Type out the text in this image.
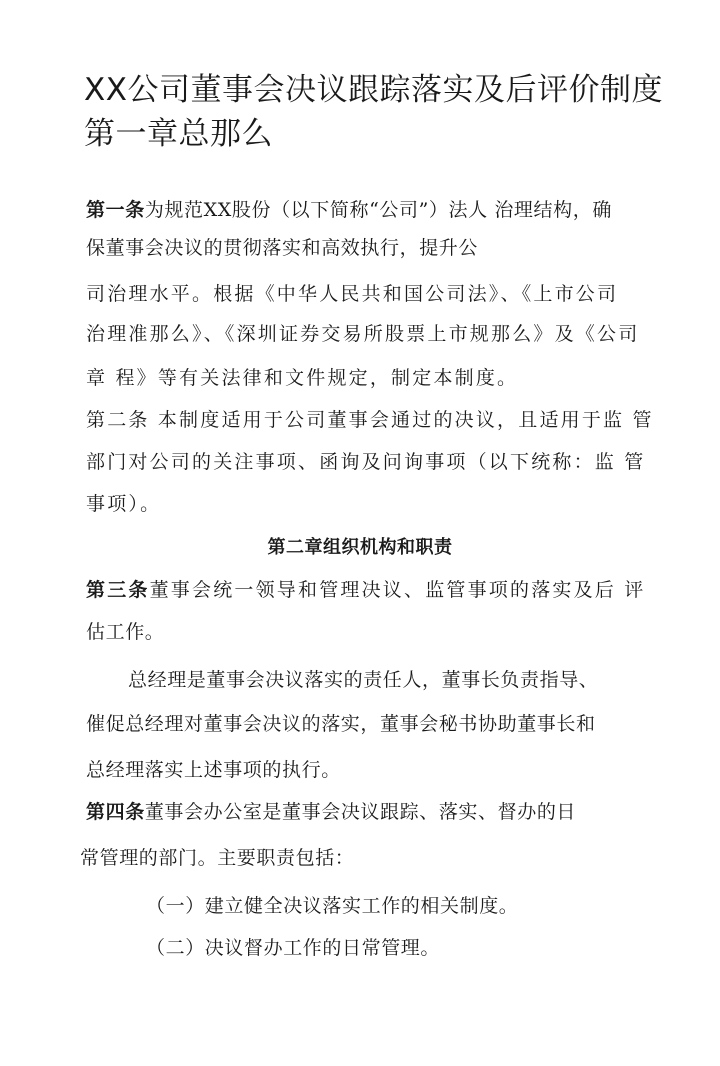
XX公司董事会决议跟踪落实及后评价制度第一章总那么
第一条为规范XX股份（以下简称“公司”）法人 治理结构，确
保董事会决议的贯彻落实和高效执行，提升公
司治理水平。根据《中华人民共和国公司法》、《上市公司
治理准那么》、《深圳证券交易所股票上市规那么》及《公司
章 程》等有关法律和文件规定，制定本制度。
第二条 本制度适用于公司董事会通过的决议，且适用于监 管
部门对公司的关注事项、函询及问询事项（以下统称：监 管
事项）。
第二章组织机构和职责
第三条董事会统一领导和管理决议、监管事项的落实及后 评
估工作。
总经理是董事会决议落实的责任人，董事长负责指导、
催促总经理对董事会决议的落实，董事会秘书协助董事长和
总经理落实上述事项的执行。
第四条董事会办公室是董事会决议跟踪、落实、督办的日
常管理的部门。主要职责包括：
（一）建立健全决议落实工作的相关制度。
（二）决议督办工作的日常管理。
